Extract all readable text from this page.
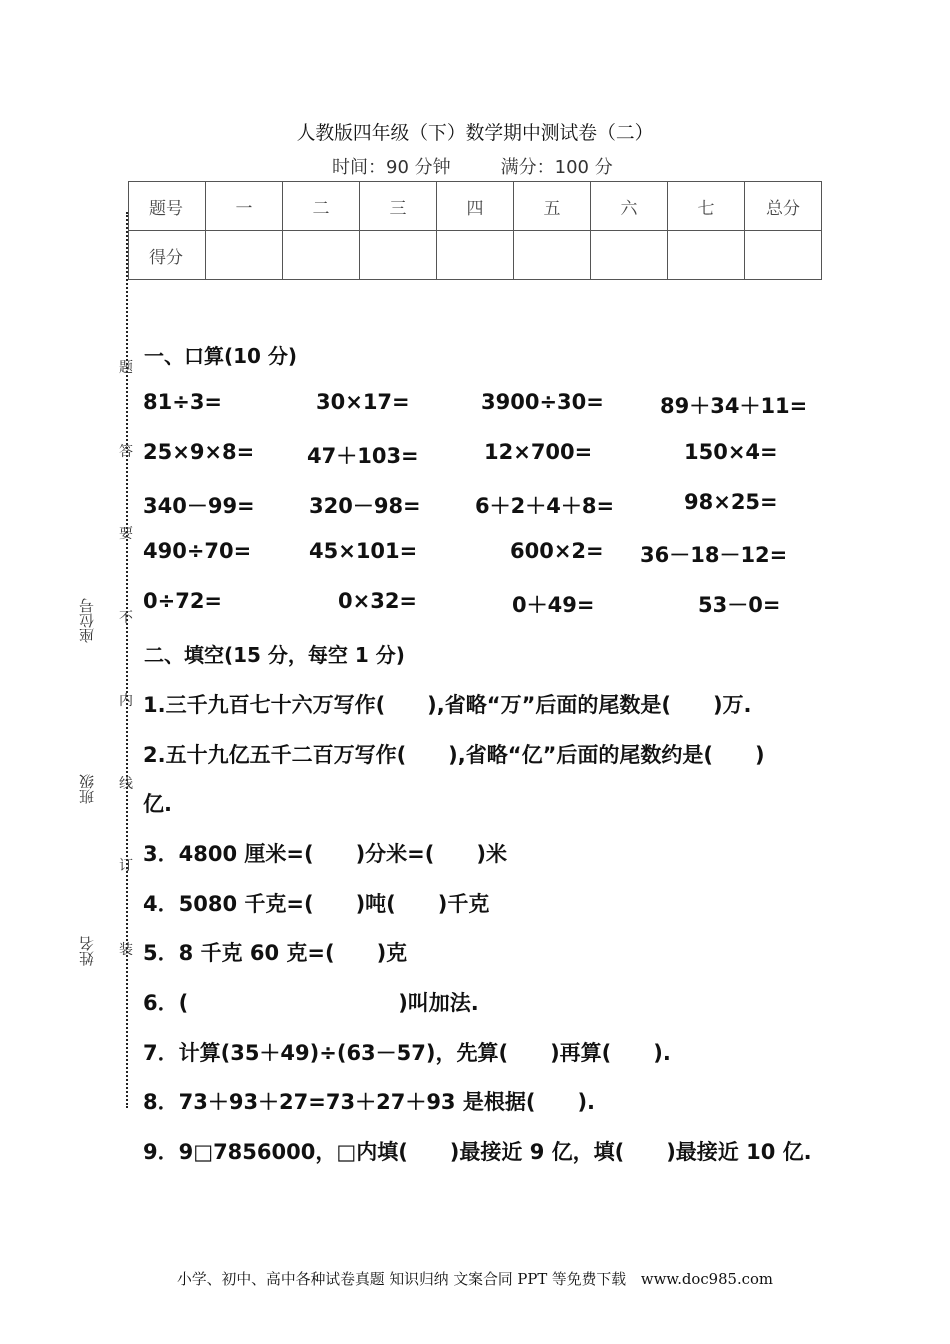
人教版四年级（下）数学期中测试卷（二）
时间：90 分钟	满分：100 分
题号	一	二	三	四	五	六	七	总分
得分								
题
答
要
不
内
线
订
装
座位号
班级
姓名
一、口算(10 分)
81÷3=	30×17=	3900÷30=	89＋34＋11=
25×9×8=	47＋103=	12×700=	150×4=
340－99=	320－98=	6＋2＋4＋8=	98×25=
490÷70=	45×101=	600×2= 36－18－12=
0÷72=	0×32=	0＋49=	53－0=
二、填空(15 分，每空 1 分)
1.三千九百七十六万写作(　　),省略“万”后面的尾数是(　　)万.
2.五十九亿五千二百万写作(　　),省略“亿”后面的尾数约是(　　)
亿.
3．4800 厘米=(　　)分米=(　　)米
4．5080 千克=(　　)吨(　　)千克
5．8 千克 60 克=(　　)克
6．(　　　　　　　　　　)叫加法.
7．计算(35＋49)÷(63－57)，先算(　　)再算(　　).
8．73＋93＋27=73＋27＋93 是根据(　　).
9．9□7856000，□内填(　　)最接近 9 亿，填(　　)最接近 10 亿.
小学、初中、高中各种试卷真题 知识归纳 文案合同 PPT 等免费下载　www.doc985.com
